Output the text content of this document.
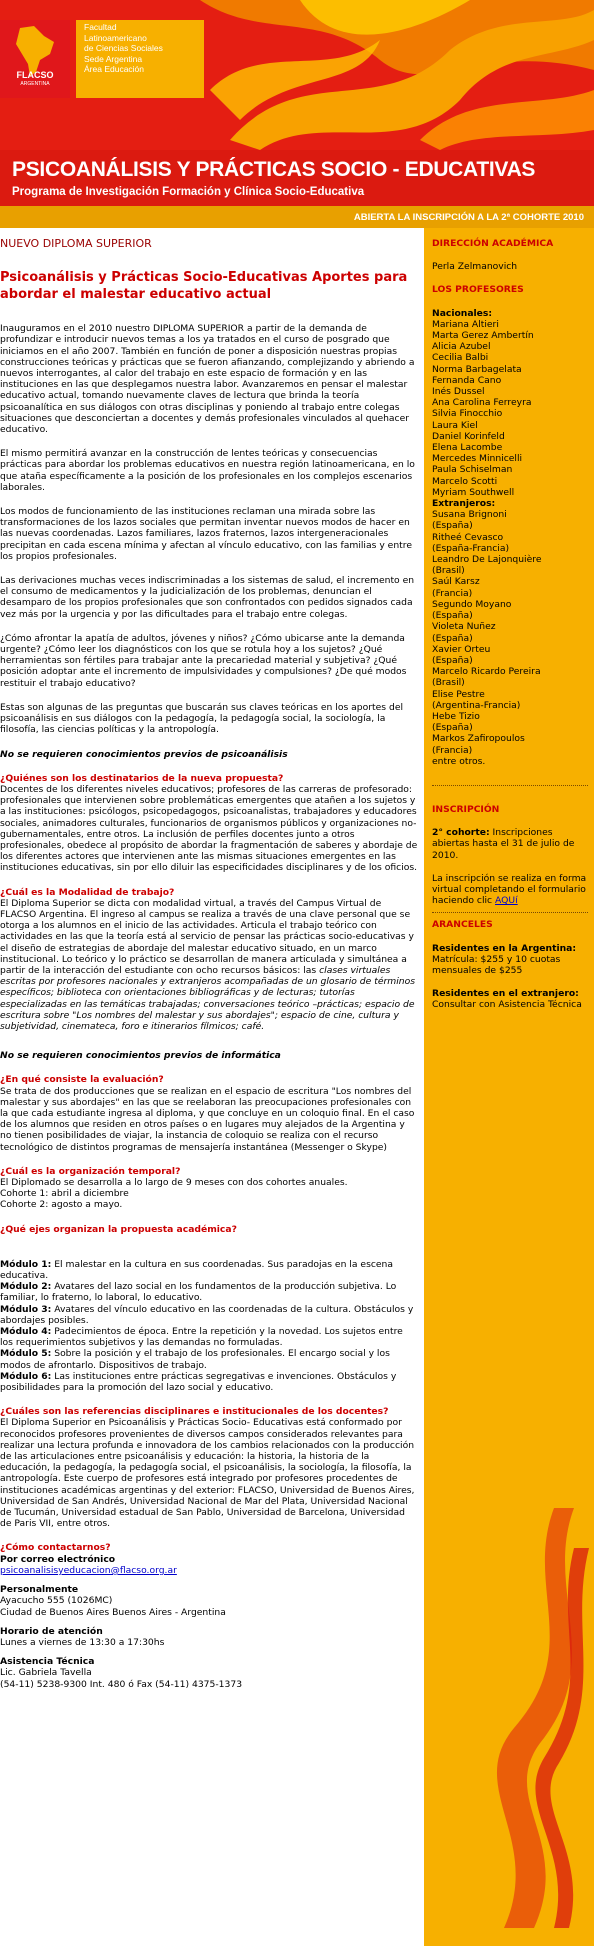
FLACSO
ARGENTINA
Facultad
Latinoamericano
de Ciencias Sociales
Sede Argentina
Área Educación
PSICOANÁLISIS Y PRÁCTICAS SOCIO - EDUCATIVAS
Programa de Investigación Formación y Clínica Socio-Educativa
ABIERTA LA INSCRIPCIÓN A LA 2ª COHORTE 2010
NUEVO DIPLOMA SUPERIOR
Psicoanálisis y Prácticas Socio-Educativas Aportes para abordar el malestar educativo actual

Inauguramos en el 2010 nuestro DIPLOMA SUPERIOR a partir de la demanda de profundizar e introducir nuevos temas a los ya tratados en el curso de posgrado que iniciamos en el año 2007. También en función de poner a disposición nuestras propias construcciones teóricas y prácticas que se fueron afianzando, complejizando y abriendo a nuevos interrogantes, al calor del trabajo en este espacio de formación y en las instituciones en las que desplegamos nuestra labor. Avanzaremos en pensar el malestar educativo actual, tomando nuevamente claves de lectura que brinda la teoría psicoanalítica en sus diálogos con otras disciplinas y poniendo al trabajo entre colegas situaciones que desconciertan a docentes y demás profesionales vinculados al quehacer educativo.

El mismo permitirá avanzar en la construcción de lentes teóricas y consecuencias prácticas para abordar los problemas educativos en nuestra región latinoamericana, en lo que ataña específicamente a la posición de los profesionales en los complejos escenarios laborales.

Los modos de funcionamiento de las instituciones reclaman una mirada sobre las transformaciones de los lazos sociales que permitan inventar nuevos modos de hacer en las nuevas coordenadas. Lazos familiares, lazos fraternos, lazos intergeneracionales precipitan en cada escena mínima y afectan al vínculo educativo, con las familias y entre los propios profesionales.

Las derivaciones muchas veces indiscriminadas a los sistemas de salud, el incremento en el consumo de medicamentos y la judicialización de los problemas, denuncian el desamparo de los propios profesionales que son confrontados con pedidos signados cada vez más por la urgencia y por las dificultades para el trabajo entre colegas.

¿Cómo afrontar la apatía de adultos, jóvenes y niños? ¿Cómo ubicarse ante la demanda urgente? ¿Cómo leer los diagnósticos con los que se rotula hoy a los sujetos? ¿Qué herramientas son fértiles para trabajar ante la precariedad material y subjetiva? ¿Qué posición adoptar ante el incremento de impulsividades y compulsiones? ¿De qué modos restituir el trabajo educativo?

Estas son algunas de las preguntas que buscarán sus claves teóricas en los aportes del psicoanálisis en sus diálogos con la pedagogía, la pedagogía social, la sociología, la filosofía, las ciencias políticas y la antropología.

No se requieren conocimientos previos de psicoanálisis

¿Quiénes son los destinatarios de la nueva propuesta?
Docentes de los diferentes niveles educativos; profesores de las carreras de profesorado: profesionales que intervienen sobre problemáticas emergentes que atañen a los sujetos y a las instituciones: psicólogos, psicopedagogos, psicoanalistas, trabajadores y educadores sociales, animadores culturales, funcionarios de organismos públicos y organizaciones no-gubernamentales, entre otros. La inclusión de perfiles docentes junto a otros profesionales, obedece al propósito de abordar la fragmentación de saberes y abordaje de los diferentes actores que intervienen ante las mismas situaciones emergentes en las instituciones educativas, sin por ello diluir las especificidades disciplinares y de los oficios.

¿Cuál es la Modalidad de trabajo?
El Diploma Superior se dicta con modalidad virtual, a través del Campus Virtual de FLACSO Argentina. El ingreso al campus se realiza a través de una clave personal que se otorga a los alumnos en el inicio de las actividades. Articula el trabajo teórico con actividades en las que la teoría está al servicio de pensar las prácticas socio-educativas y el diseño de estrategias de abordaje del malestar educativo situado, en un marco institucional. Lo teórico y lo práctico se desarrollan de manera articulada y simultánea a partir de la interacción del estudiante con ocho recursos básicos: las clases virtuales escritas por profesores nacionales y extranjeros acompañadas de un glosario de términos específicos; biblioteca con orientaciones bibliográficas y de lecturas; tutorías especializadas en las temáticas trabajadas; conversaciones teórico –prácticas; espacio de escritura sobre "Los nombres del malestar y sus abordajes"; espacio de cine, cultura y subjetividad, cinemateca, foro e itinerarios fílmicos; café.

No se requieren conocimientos previos de informática

¿En qué consiste la evaluación?
Se trata de dos producciones que se realizan en el espacio de escritura "Los nombres del malestar y sus abordajes" en las que se reelaboran las preocupaciones profesionales con la que cada estudiante ingresa al diploma, y que concluye en un coloquio final. En el caso de los alumnos que residen en otros países o en lugares muy alejados de la Argentina y no tienen posibilidades de viajar, la instancia de coloquio se realiza con el recurso tecnológico de distintos programas de mensajería instantánea (Messenger o Skype)

¿Cuál es la organización temporal?
El Diplomado se desarrolla a lo largo de 9 meses con dos cohortes anuales.
Cohorte 1: abril a diciembre
Cohorte 2: agosto a mayo.

¿Qué ejes organizan la propuesta académica?

Módulo 1: El malestar en la cultura en sus coordenadas. Sus paradojas en la escena educativa.
Módulo 2: Avatares del lazo social en los fundamentos de la producción subjetiva. Lo familiar, lo fraterno, lo laboral, lo educativo.
Módulo 3: Avatares del vínculo educativo en las coordenadas de la cultura. Obstáculos y abordajes posibles.
Módulo 4: Padecimientos de época. Entre la repetición y la novedad. Los sujetos entre los requerimientos subjetivos y las demandas no formuladas.
Módulo 5: Sobre la posición y el trabajo de los profesionales. El encargo social y los modos de afrontarlo. Dispositivos de trabajo.
Módulo 6: Las instituciones entre prácticas segregativas e invenciones. Obstáculos y posibilidades para la promoción del lazo social y educativo.

¿Cuáles son las referencias disciplinares e institucionales de los docentes?
El Diploma Superior en Psicoanálisis y Prácticas Socio- Educativas está conformado por reconocidos profesores provenientes de diversos campos considerados relevantes para realizar una lectura profunda e innovadora de los cambios relacionados con la producción de las articulaciones entre psicoanálisis y educación: la historia, la historia de la educación, la pedagogía, la pedagogía social, el psicoanálisis, la sociología, la filosofía, la antropología. Este cuerpo de profesores está integrado por profesores procedentes de instituciones académicas argentinas y del exterior: FLACSO, Universidad de Buenos Aires, Universidad de San Andrés, Universidad Nacional de Mar del Plata, Universidad Nacional de Tucumán, Universidad estadual de San Pablo, Universidad de Barcelona, Universidad de Paris VII, entre otros.

¿Cómo contactarnos?
Por correo electrónico
psicoanalisisyeducacion@flacso.org.ar

Personalmente
Ayacucho 555 (1026MC)
Ciudad de Buenos Aires Buenos Aires - Argentina

Horario de atención
Lunes a viernes de 13:30 a 17:30hs

Asistencia Técnica
Lic. Gabriela Tavella
(54-11) 5238-9300 Int. 480 ó Fax (54-11) 4375-1373

DIRECCIÓN ACADÉMICA

Perla Zelmanovich

LOS PROFESORES

Nacionales:
Mariana Altieri
Marta Gerez Ambertín
Alicia Azubel
Cecilia Balbi
Norma Barbagelata
Fernanda Cano
Inés Dussel
Ana Carolina Ferreyra
Silvia Finocchio
Laura Kiel
Daniel Korinfeld
Elena Lacombe
Mercedes Minnicelli
Paula Schiselman
Marcelo Scotti
Myriam Southwell
Extranjeros:
Susana Brignoni
(España)
Ritheé Cevasco
(España-Francia)
Leandro De Lajonquière
(Brasil)
Saúl Karsz
(Francia)
Segundo Moyano
(España)
Violeta Nuñez
(España)
Xavier Orteu
(España)
Marcelo Ricardo Pereira
(Brasil)
Elise Pestre
(Argentina-Francia)
Hebe Tizio
(España)
Markos Zafiropoulos
(Francia)
entre otros.

INSCRIPCIÓN

2° cohorte: Inscripciones abiertas hasta el 31 de julio de 2010.

La inscripción se realiza en forma virtual completando el formulario haciendo clic AQUí

ARANCELES

Residentes en la Argentina: Matrícula: $255 y 10 cuotas mensuales de $255

Residentes en el extranjero: Consultar con Asistencia Técnica
